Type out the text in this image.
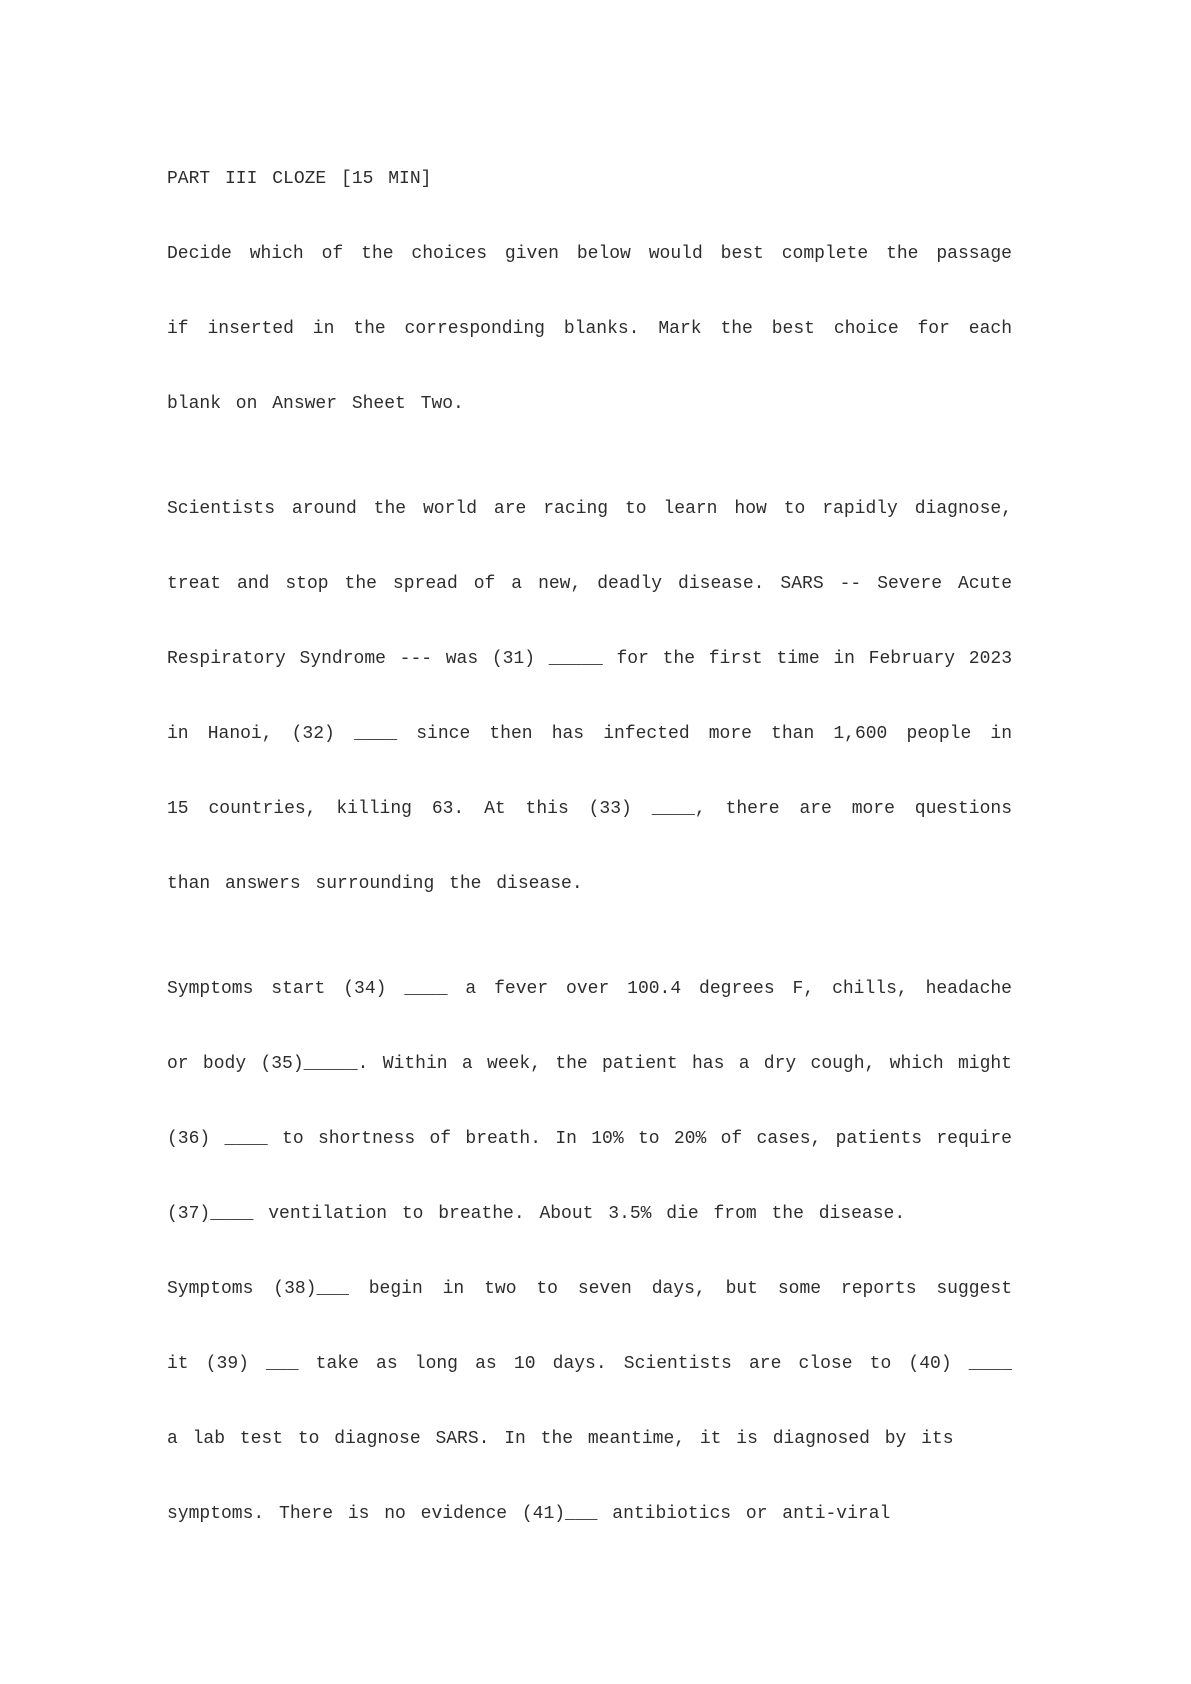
PART III CLOZE [15 MIN]
Decide which of the choices given below would best complete the passage
if inserted in the corresponding blanks. Mark the best choice for each
blank on Answer Sheet Two.
Scientists around the world are racing to learn how to rapidly diagnose,
treat and stop the spread of a new, deadly disease. SARS -- Severe Acute
Respiratory Syndrome --- was (31) _____ for the first time in February 2023
in Hanoi, (32) ____ since then has infected more than 1,600 people in
15 countries, killing 63. At this (33) ____, there are more questions
than answers surrounding the disease.
Symptoms start (34) ____ a fever over 100.4 degrees F, chills, headache
or body (35)_____. Within a week, the patient has a dry cough, which might
(36) ____ to shortness of breath. In 10% to 20% of cases, patients require
(37)____ ventilation to breathe. About 3.5% die from the disease.
Symptoms (38)___ begin in two to seven days, but some reports suggest
it (39) ___ take as long as 10 days. Scientists are close to (40) ____
a lab test to diagnose SARS. In the meantime, it is diagnosed by its
symptoms. There is no evidence (41)___ antibiotics or anti-viral
